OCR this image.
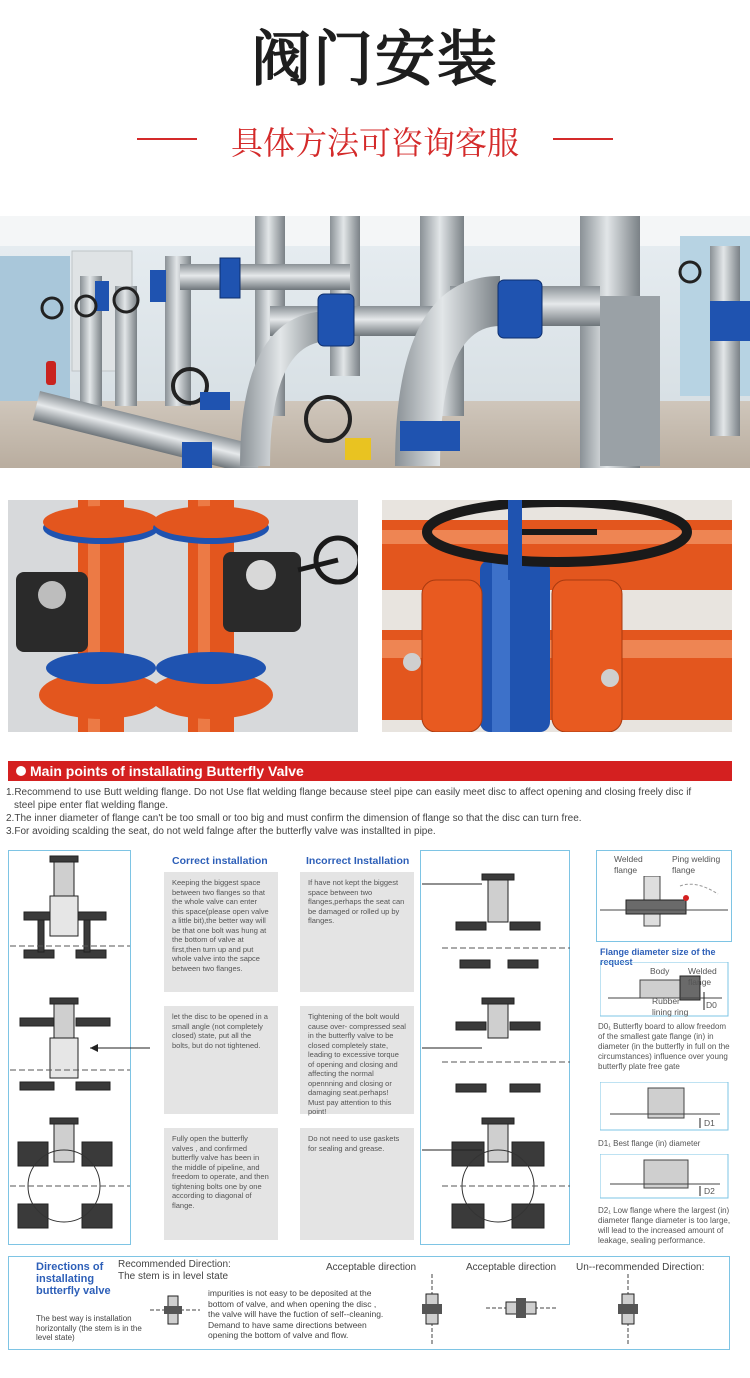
阀门安装
具体方法可咨询客服
Main points of installating Butterfly Valve
1.Recommend to use Butt welding flange. Do not Use flat welding flange because steel pipe can easily meet disc to affect opening and closing freely disc if
steel pipe enter flat welding flange.
2.The inner diameter of flange can't be too small or too big and must confirm the dimension of flange so that the disc can turn free.
3.For avoiding scalding the seat, do not weld falnge after the butterfly valve was installted in pipe.
Correct installation
Keeping the biggest space between two flanges so that the whole valve can enter this space(please open valve a little bit),the better way will be that one bolt was hung at the bottom of valve at first,then turn up and put whole valve into the sapce between two flanges.
let the disc to be opened in a small angle (not completely closed) state, put all the bolts, but do not tightened.
Fully open the butterfly valves , and confirmed butterfly valve has been in the middle of pipeline, and freedom to operate, and then tightening bolts one by one according to diagonal of flange.
Incorrect Installation
If have not kept the biggest space between two flanges,perhaps the seat can be damaged or rolled up by flanges.
Tightening of the bolt would cause over- compressed seal in the butterfly valve to be closed completely state, leading to excessive torque of opening and closing and affecting the normal opennning and closing or damaging seat.perhaps! Must pay attention to this point!
Do not need to use gaskets for sealing and grease.
Welded flange
Ping welding flange
Flange diameter size of the request
Body Welded flange
Rubber lining ring
D0
D0₁ Butterfly board to allow freedom of the smallest gate flange (in) in diameter (in the butterfly in full on the circumstances) influence over young butterfly plate free gate
D1
D1₁ Best flange (in) diameter
D2
D2₁ Low flange where the largest (in) diameter flange diameter is too large, will lead to the increased amount of leakage, sealing performance.
Directions of installating butterfly valve
The best way is installation horizontally (the stem is in the level state)
Recommended Direction:
The stem is in level state
impurities is not easy to be deposited at the bottom of valve, and when opening the disc , the valve will have the fuction of self--cleaning. Demand to have same directions between opening the bottom of valve and flow.
Acceptable direction	Acceptable direction Un--recommended Direction:
